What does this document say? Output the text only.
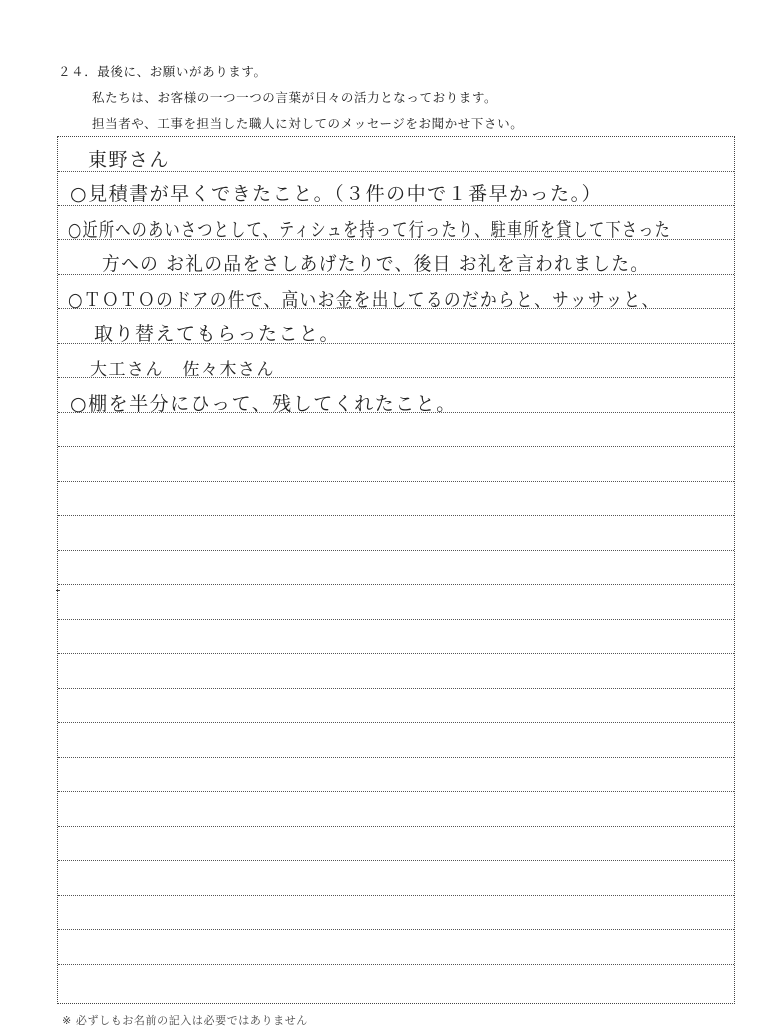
２４．最後に、お願いがあります。
私たちは、お客様の一つ一つの言葉が日々の活力となっております。
担当者や、工事を担当した職人に対してのメッセージをお聞かせ下さい。
東野さん
○見積書が早くできたこと。（３件の中で１番早かった。）
○近所へのあいさつとして、ティシュを持って行ったり、駐車所を貸して下さった
方への お礼の品をさしあげたりで、後日 お礼を言われました。
○ＴＯＴＯのドアの件で、高いお金を出してるのだからと、サッサッと、
取り替えてもらったこと。
大工さん　佐々木さん
○棚を半分にひって、残してくれたこと。
※ 必ずしもお名前の記入は必要ではありません
